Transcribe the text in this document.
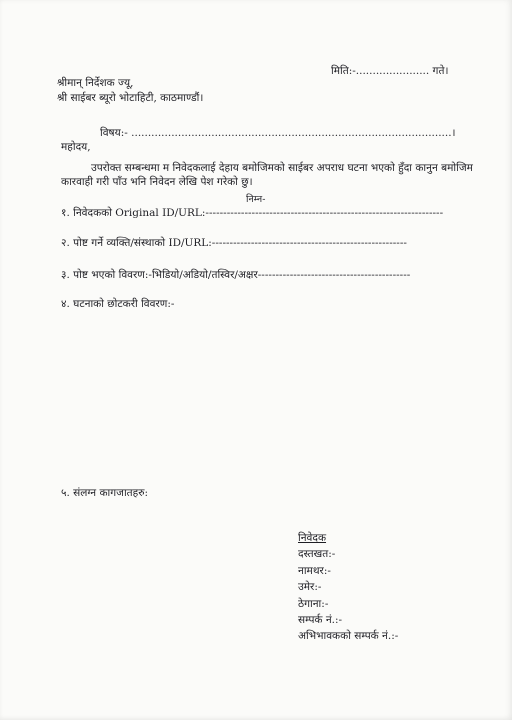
मिति:-...................... गते।
श्रीमान् निर्देशक ज्यू,
श्री साईबर ब्यूरो भोटाहिटी, काठमाण्डौं।
विषय:- ................................................................................................।
महोदय,
उपरोक्त सम्बन्धमा म निवेदकलाई देहाय बमोजिमको साईबर अपराध घटना भएको हुँदा कानुन बमोजिम
कारवाही गरी पाँउ भनि निवेदन लेखि पेश गरेको छु।
निम्न-
१. निवेदकको Original ID/URL:-------------------------------------------------------------------
२. पोष्ट गर्ने व्यक्ति/संस्थाको ID/URL:-------------------------------------------------------
३. पोष्ट भएको विवरण:-भिडियो/अडियो/तस्विर/अक्षर-------------------------------------------
४. घटनाको छोटकरी विवरण:-
५. संलग्न कागजातहरु:
निवेदक
दस्तखत:-
नामथर:-
उमेर:-
ठेगाना:-
सम्पर्क नं.:-
अभिभावकको सम्पर्क नं.:-
